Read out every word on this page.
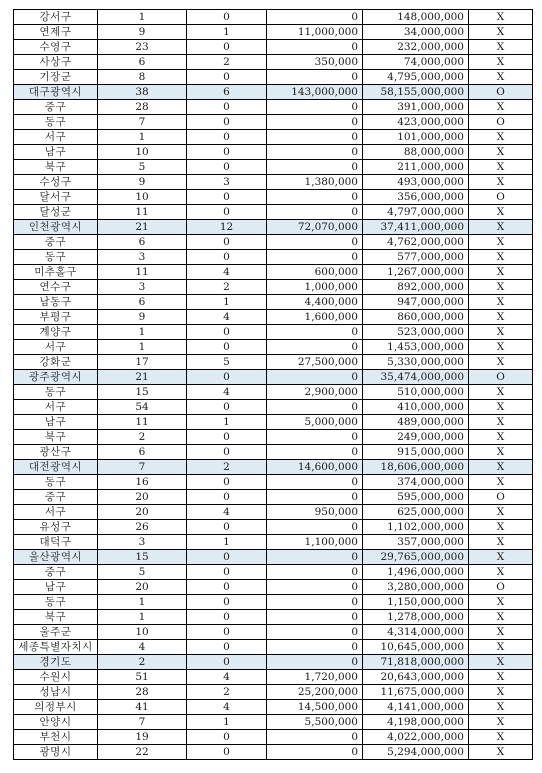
강서구	1	0	0	148,000,000	X
연제구	9	1	11,000,000	34,000,000	X
수영구	23	0	0	232,000,000	X
사상구	6	2	350,000	74,000,000	X
기장군	8	0	0	4,795,000,000	X
대구광역시	38	6	143,000,000	58,155,000,000	O
중구	28	0	0	391,000,000	X
동구	7	0	0	423,000,000	O
서구	1	0	0	101,000,000	X
남구	10	0	0	88,000,000	X
북구	5	0	0	211,000,000	X
수성구	9	3	1,380,000	493,000,000	X
달서구	10	0	0	356,000,000	O
달성군	11	0	0	4,797,000,000	X
인천광역시	21	12	72,070,000	37,411,000,000	X
중구	6	0	0	4,762,000,000	X
동구	3	0	0	577,000,000	X
미추홀구	11	4	600,000	1,267,000,000	X
연수구	3	2	1,000,000	892,000,000	X
남동구	6	1	4,400,000	947,000,000	X
부평구	9	4	1,600,000	860,000,000	X
계양구	1	0	0	523,000,000	X
서구	1	0	0	1,453,000,000	X
강화군	17	5	27,500,000	5,330,000,000	X
광주광역시	21	0	0	35,474,000,000	O
동구	15	4	2,900,000	510,000,000	X
서구	54	0	0	410,000,000	X
남구	11	1	5,000,000	489,000,000	X
북구	2	0	0	249,000,000	X
광산구	6	0	0	915,000,000	X
대전광역시	7	2	14,600,000	18,606,000,000	X
동구	16	0	0	374,000,000	X
중구	20	0	0	595,000,000	O
서구	20	4	950,000	625,000,000	X
유성구	26	0	0	1,102,000,000	X
대덕구	3	1	1,100,000	357,000,000	X
울산광역시	15	0	0	29,765,000,000	X
중구	5	0	0	1,496,000,000	X
남구	20	0	0	3,280,000,000	O
동구	1	0	0	1,150,000,000	X
북구	1	0	0	1,278,000,000	X
울주군	10	0	0	4,314,000,000	X
세종특별자치시	4	0	0	10,645,000,000	X
경기도	2	0	0	71,818,000,000	X
수원시	51	4	1,720,000	20,643,000,000	X
성남시	28	2	25,200,000	11,675,000,000	X
의정부시	41	4	14,500,000	4,141,000,000	X
안양시	7	1	5,500,000	4,198,000,000	X
부천시	19	0	0	4,022,000,000	X
광명시	22	0	0	5,294,000,000	X
